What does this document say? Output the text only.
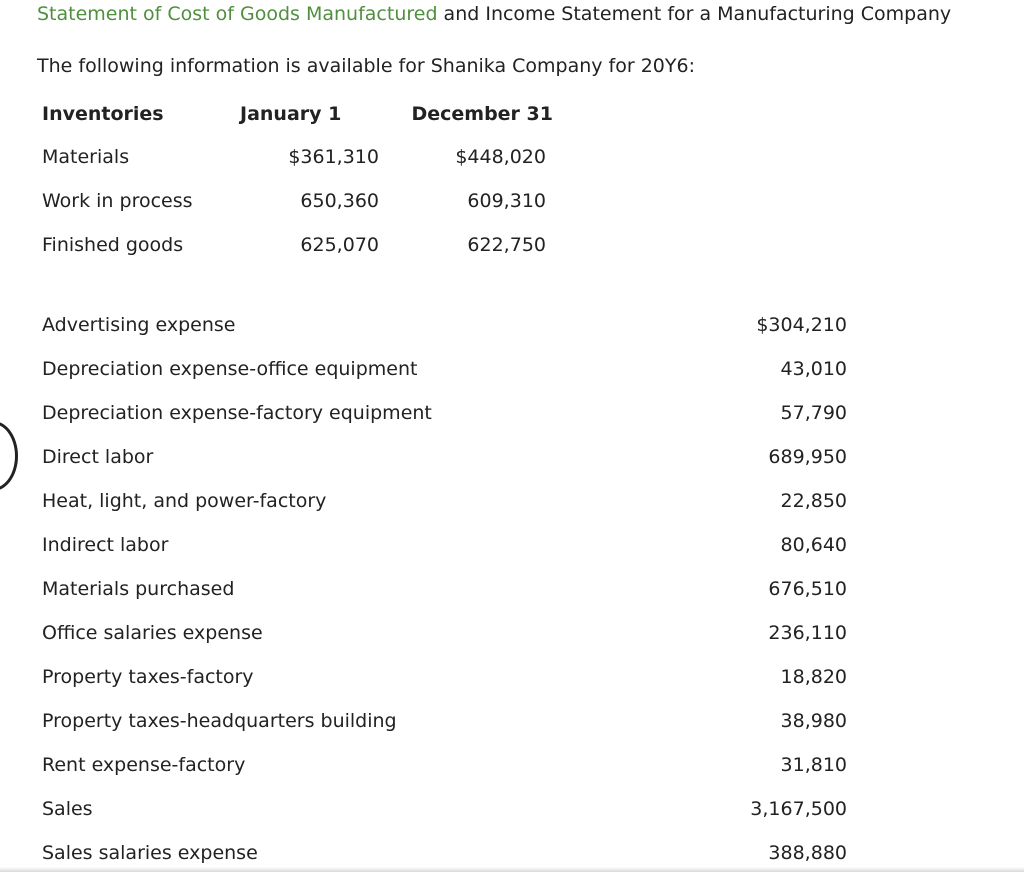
Statement of Cost of Goods Manufactured and Income Statement for a Manufacturing Company
The following information is available for Shanika Company for 20Y6:
Inventories	January 1	December 31
Materials	$361,310	$448,020
Work in process	650,360	609,310
Finished goods	625,070	622,750
Advertising expense	$304,210
Depreciation expense-office equipment	43,010
Depreciation expense-factory equipment	57,790
Direct labor	689,950
Heat, light, and power-factory	22,850
Indirect labor	80,640
Materials purchased	676,510
Office salaries expense	236,110
Property taxes-factory	18,820
Property taxes-headquarters building	38,980
Rent expense-factory	31,810
Sales	3,167,500
Sales salaries expense	388,880
